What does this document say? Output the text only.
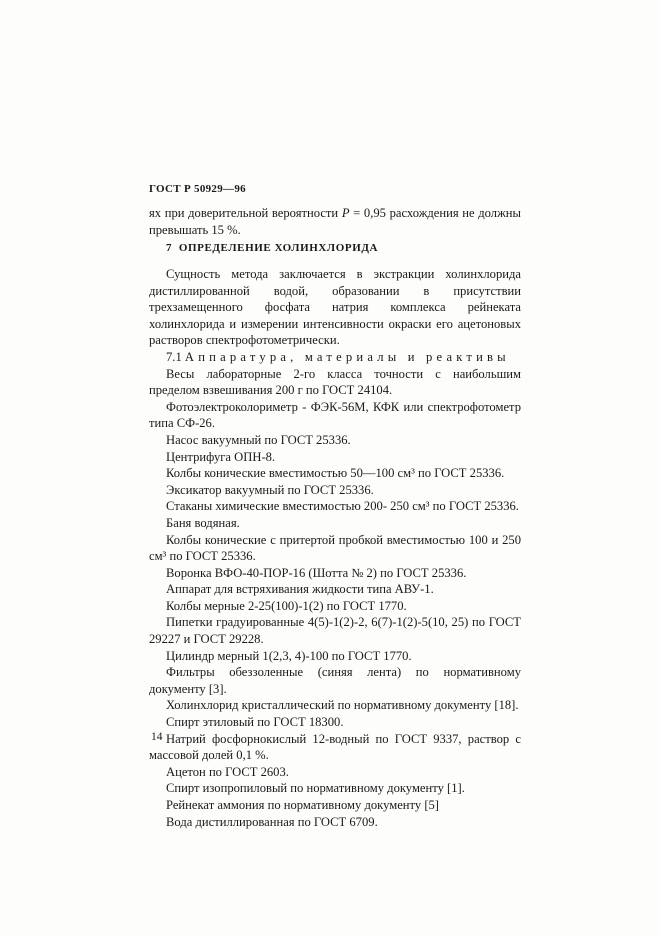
ГОСТ Р 50929—96

ях при доверительной вероятности P = 0,95 расхождения не должны превышать 15 %.

7 ОПРЕДЕЛЕНИЕ ХОЛИНХЛОРИДА

Сущность метода заключается в экстракции холинхлорида дистиллированной водой, образовании в присутствии трехзамещенного фосфата натрия комплекса рейнеката холинхлорида и измерении интенсивности окраски его ацетоновых растворов спектрофотометрически.

7.1 Аппаратура, материалы и реактивы

Весы лабораторные 2-го класса точности с наибольшим пределом взвешивания 200 г по ГОСТ 24104.

Фотоэлектроколориметр - ФЭК-56М, КФК или спектрофотометр типа СФ-26.

Насос вакуумный по ГОСТ 25336.

Центрифуга ОПН-8.

Колбы конические вместимостью 50—100 см³ по ГОСТ 25336.

Эксикатор вакуумный по ГОСТ 25336.

Стаканы химические вместимостью 200- 250 см³ по ГОСТ 25336.

Баня водяная.

Колбы конические с притертой пробкой вместимостью 100 и 250 см³ по ГОСТ 25336.

Воронка ВФО-40-ПОР-16 (Шотта № 2) по ГОСТ 25336.

Аппарат для встряхивания жидкости типа АВУ-1.

Колбы мерные 2-25(100)-1(2) по ГОСТ 1770.

Пипетки градуированные 4(5)-1(2)-2, 6(7)-1(2)-5(10, 25) по ГОСТ 29227 и ГОСТ 29228.

Цилиндр мерный 1(2,3, 4)-100 по ГОСТ 1770.

Фильтры обеззоленные (синяя лента) по нормативному документу [3].

Холинхлорид кристаллический по нормативному документу [18].

Спирт этиловый по ГОСТ 18300.

Натрий фосфорнокислый 12-водный по ГОСТ 9337, раствор с массовой долей 0,1 %.

Ацетон по ГОСТ 2603.

Спирт изопропиловый по нормативному документу [1].

Рейнекат аммония по нормативному документу [5]

Вода дистиллированная по ГОСТ 6709.

14
